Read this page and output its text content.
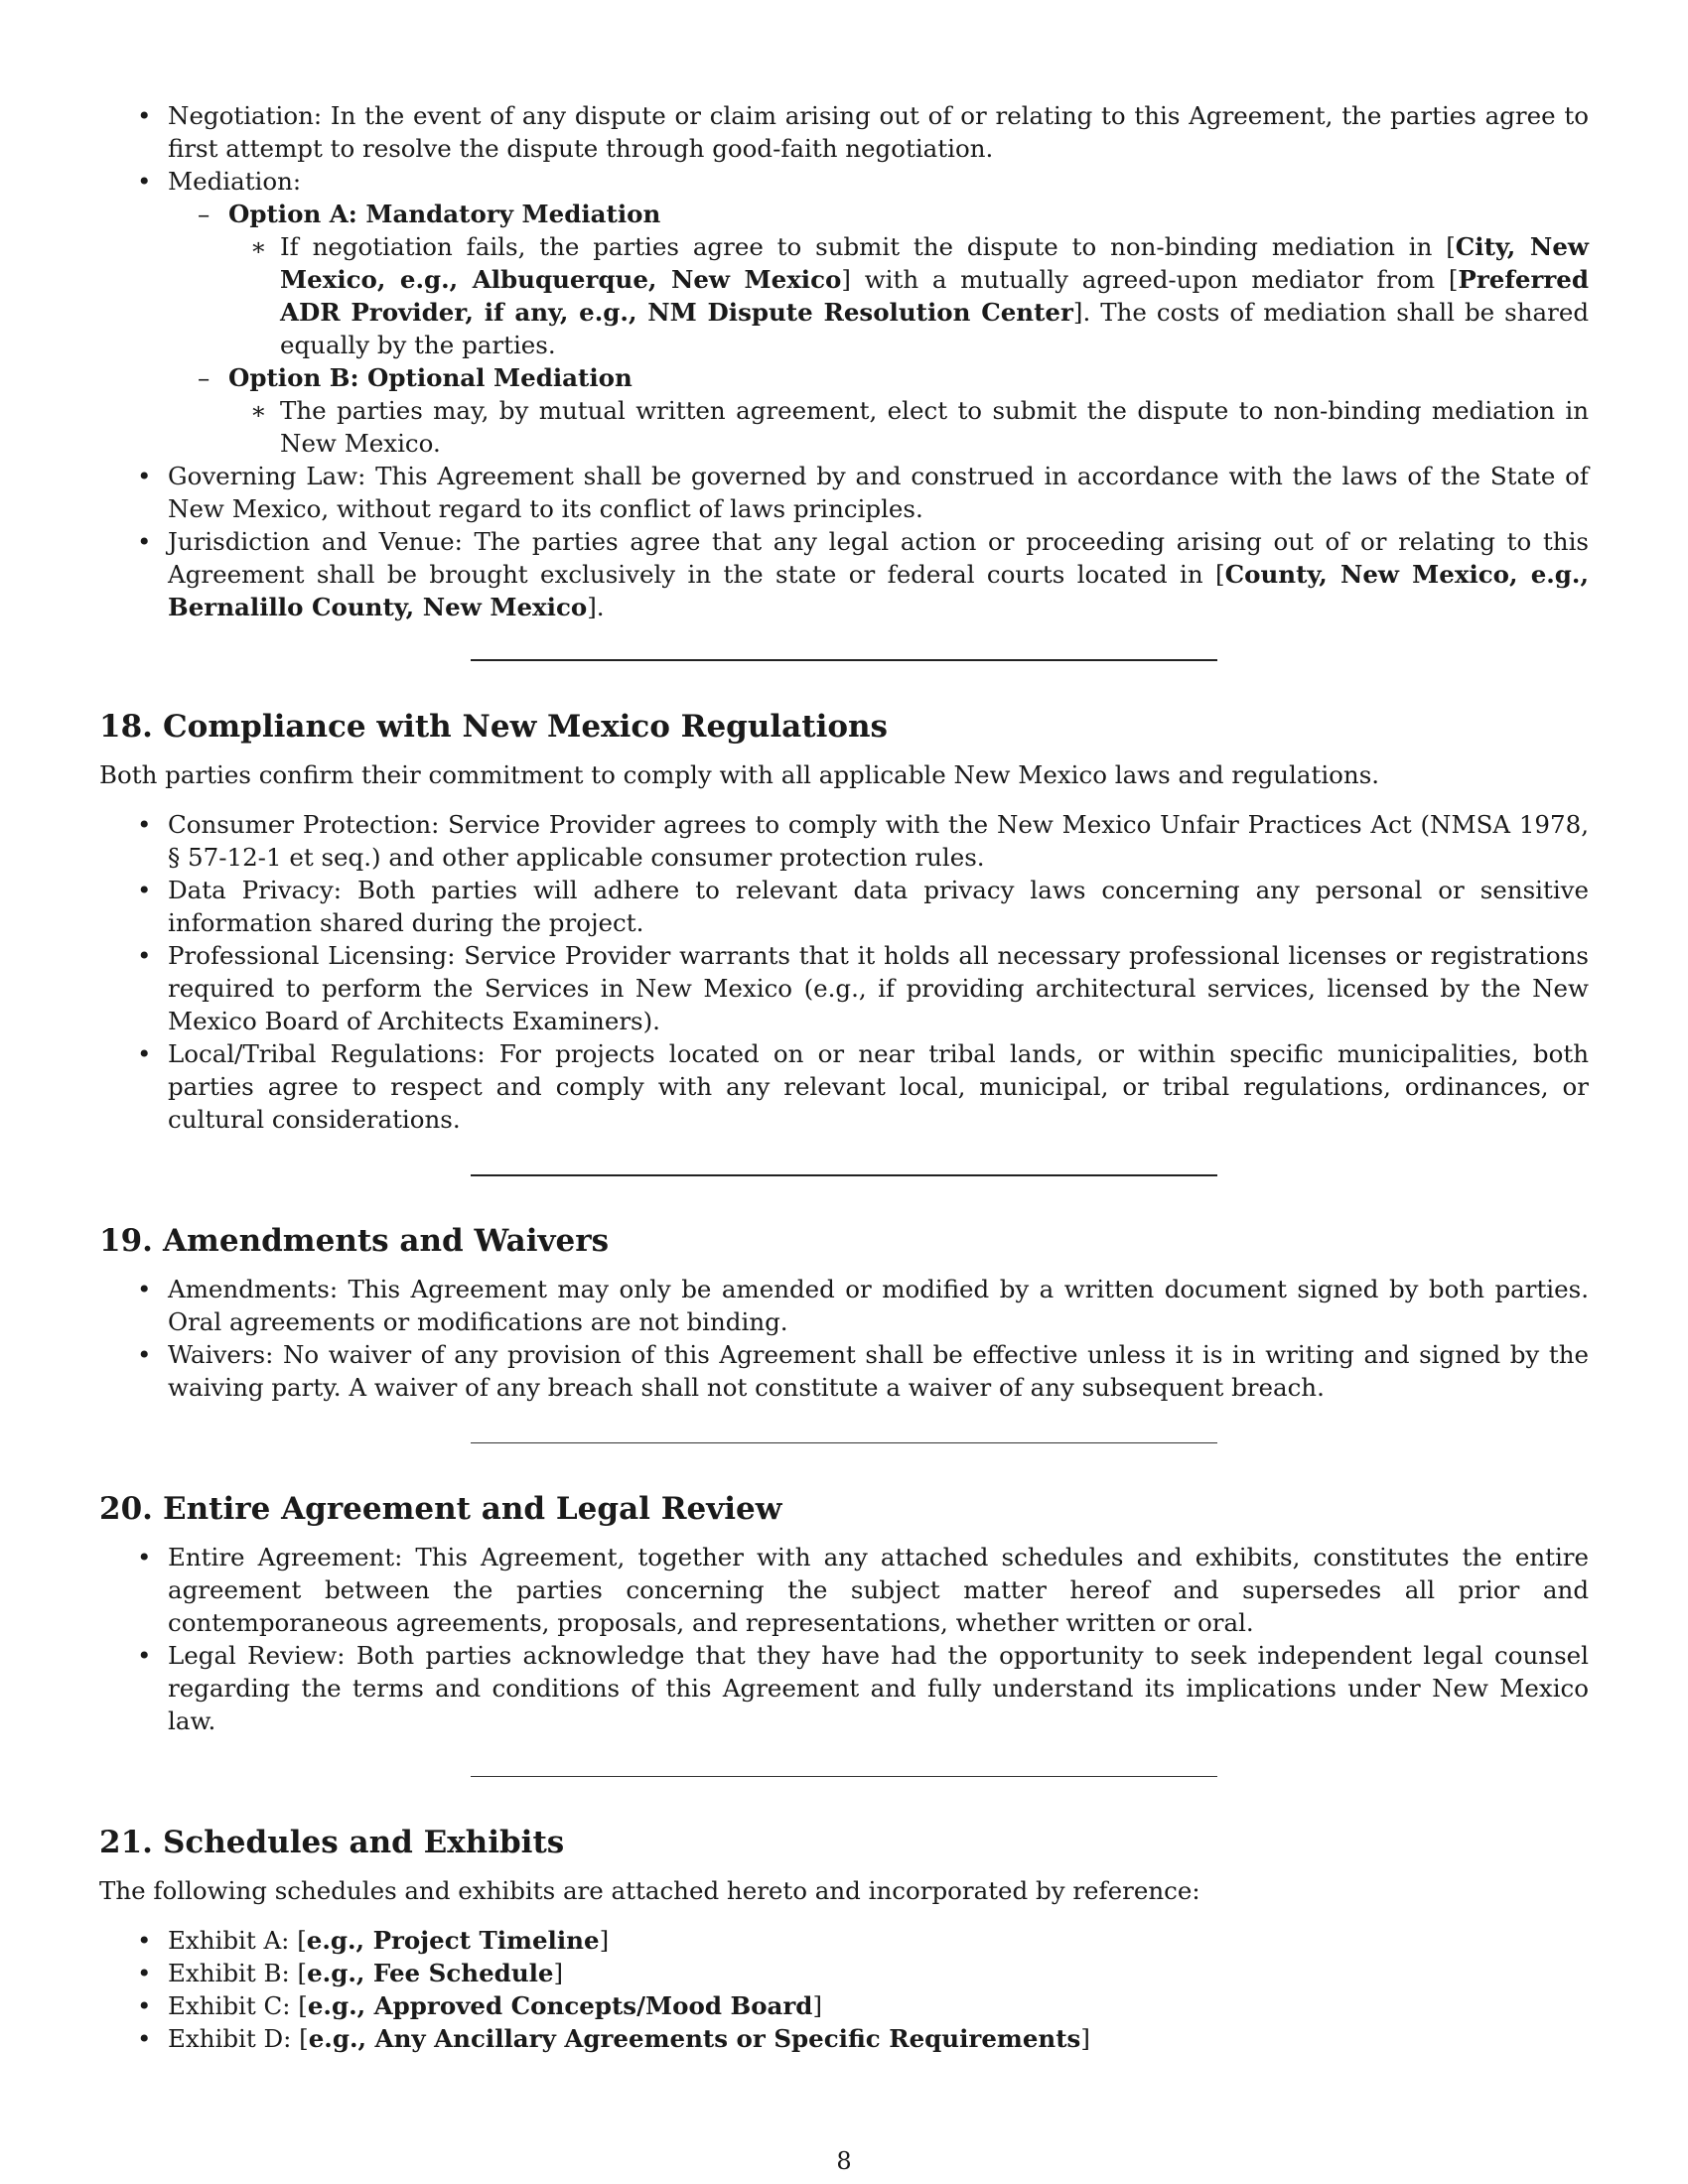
• Negotiation: In the event of any dispute or claim arising out of or relating to this Agreement, the parties agree to first attempt to resolve the dispute through good-faith negotiation.
• Mediation:
– Option A: Mandatory Mediation
∗ If negotiation fails, the parties agree to submit the dispute to non-binding mediation in [City, New Mexico, e.g., Albuquerque, New Mexico] with a mutually agreed-upon mediator from [Preferred ADR Provider, if any, e.g., NM Dispute Resolution Center]. The costs of mediation shall be shared equally by the parties.
– Option B: Optional Mediation
∗ The parties may, by mutual written agreement, elect to submit the dispute to non-binding mediation in New Mexico.
• Governing Law: This Agreement shall be governed by and construed in accordance with the laws of the State of New Mexico, without regard to its conflict of laws principles.
• Jurisdiction and Venue: The parties agree that any legal action or proceeding arising out of or relating to this Agreement shall be brought exclusively in the state or federal courts located in [County, New Mexico, e.g., Bernalillo County, New Mexico].
18. Compliance with New Mexico Regulations

Both parties confirm their commitment to comply with all applicable New Mexico laws and regulations.

• Consumer Protection: Service Provider agrees to comply with the New Mexico Unfair Practices Act (NMSA 1978, § 57-12-1 et seq.) and other applicable consumer protection rules.
• Data Privacy: Both parties will adhere to relevant data privacy laws concerning any personal or sensitive information shared during the project.
• Professional Licensing: Service Provider warrants that it holds all necessary professional licenses or registrations required to perform the Services in New Mexico (e.g., if providing architectural services, licensed by the New Mexico Board of Architects Examiners).
• Local/Tribal Regulations: For projects located on or near tribal lands, or within specific municipalities, both parties agree to respect and comply with any relevant local, municipal, or tribal regulations, ordinances, or cultural considerations.
19. Amendments and Waivers
• Amendments: This Agreement may only be amended or modified by a written document signed by both parties. Oral agreements or modifications are not binding.
• Waivers: No waiver of any provision of this Agreement shall be effective unless it is in writing and signed by the waiving party. A waiver of any breach shall not constitute a waiver of any subsequent breach.
20. Entire Agreement and Legal Review
• Entire Agreement: This Agreement, together with any attached schedules and exhibits, constitutes the entire agreement between the parties concerning the subject matter hereof and supersedes all prior and contemporaneous agreements, proposals, and representations, whether written or oral.
• Legal Review: Both parties acknowledge that they have had the opportunity to seek independent legal counsel regarding the terms and conditions of this Agreement and fully understand its implications under New Mexico law.
21. Schedules and Exhibits

The following schedules and exhibits are attached hereto and incorporated by reference:

• Exhibit A: [e.g., Project Timeline]
• Exhibit B: [e.g., Fee Schedule]
• Exhibit C: [e.g., Approved Concepts/Mood Board]
• Exhibit D: [e.g., Any Ancillary Agreements or Specific Requirements]
8
